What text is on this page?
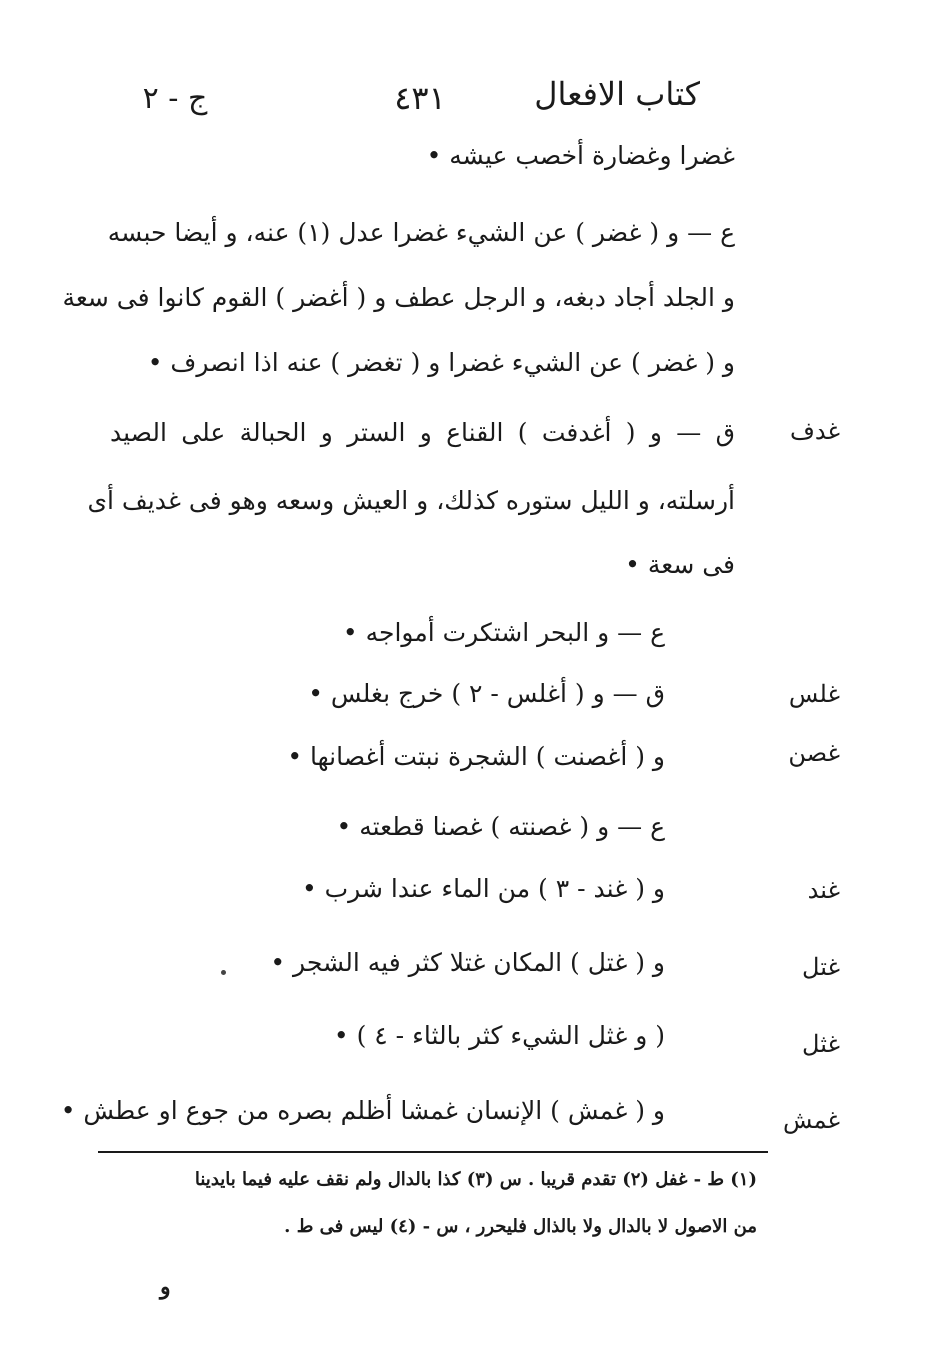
كتاب الافعال
٤٣١
ج - ٢
غضرا وغضارة أخصب عيشه •
ع — و ( غضر ) عن الشيء غضرا عدل (١) عنه، و أيضا حبسه
و الجلد أجاد دبغه، و الرجل عطف و ( أغضر ) القوم كانوا فى سعة
و ( غضر ) عن الشيء غضرا و ( تغضر ) عنه اذا انصرف •
غدف
ق — و ( أغدفت ) القناع و الستر و الحبالة على الصيد
أرسلته، و الليل ستوره كذلك، و العيش وسعه وهو فى غديف أى
فى سعة •
ع — و البحر اشتكرت أمواجه •
غلس
ق — و ( أغلس - ٢ ) خرج بغلس •
غصن
و ( أغصنت ) الشجرة نبتت أغصانها •
ع — و ( غصنته ) غصنا قطعته •
غند
و ( غند - ٣ ) من الماء عندا شرب •
غتل
و ( غتل ) المكان غتلا كثر فيه الشجر •
غثل
( و غثل الشيء كثر بالثاء - ٤ ) •
غمش
و ( غمش ) الإنسان غمشا أظلم بصره من جوع او عطش •
(١) ط - غفل (٢) تقدم قريبا . س (٣) كذا بالدال ولم نقف عليه فيما بايدينا
من الاصول لا بالدال ولا بالذال فليحرر ، س - (٤) ليس فى ط .
و
